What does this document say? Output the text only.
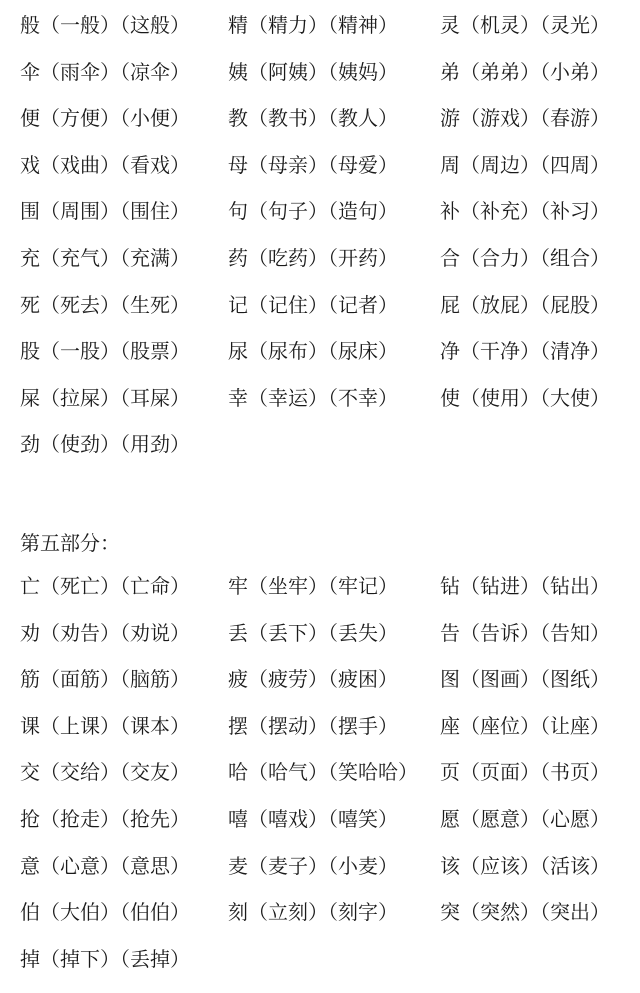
般（一般）（这般） 精（精力）（精神） 灵（机灵）（灵光）
伞（雨伞）（凉伞） 姨（阿姨）（姨妈） 弟（弟弟）（小弟）
便（方便）（小便） 教（教书）（教人） 游（游戏）（春游）
戏（戏曲）（看戏） 母（母亲）（母爱） 周（周边）（四周）
围（周围）（围住） 句（句子）（造句） 补（补充）（补习）
充（充气）（充满） 药（吃药）（开药） 合（合力）（组合）
死（死去）（生死） 记（记住）（记者） 屁（放屁）（屁股）
股（一股）（股票） 尿（尿布）（尿床） 净（干净）（清净）
屎（拉屎）（耳屎） 幸（幸运）（不幸） 使（使用）（大使）
劲（使劲）（用劲）
第五部分：
亡（死亡）（亡命） 牢（坐牢）（牢记） 钻（钻进）（钻出）
劝（劝告）（劝说） 丢（丢下）（丢失） 告（告诉）（告知）
筋（面筋）（脑筋） 疲（疲劳）（疲困） 图（图画）（图纸）
课（上课）（课本） 摆（摆动）（摆手） 座（座位）（让座）
交（交给）（交友） 哈（哈气）（笑哈哈） 页（页面）（书页）
抢（抢走）（抢先） 嘻（嘻戏）（嘻笑） 愿（愿意）（心愿）
意（心意）（意思） 麦（麦子）（小麦） 该（应该）（活该）
伯（大伯）（伯伯） 刻（立刻）（刻字） 突（突然）（突出）
掉（掉下）（丢掉）
